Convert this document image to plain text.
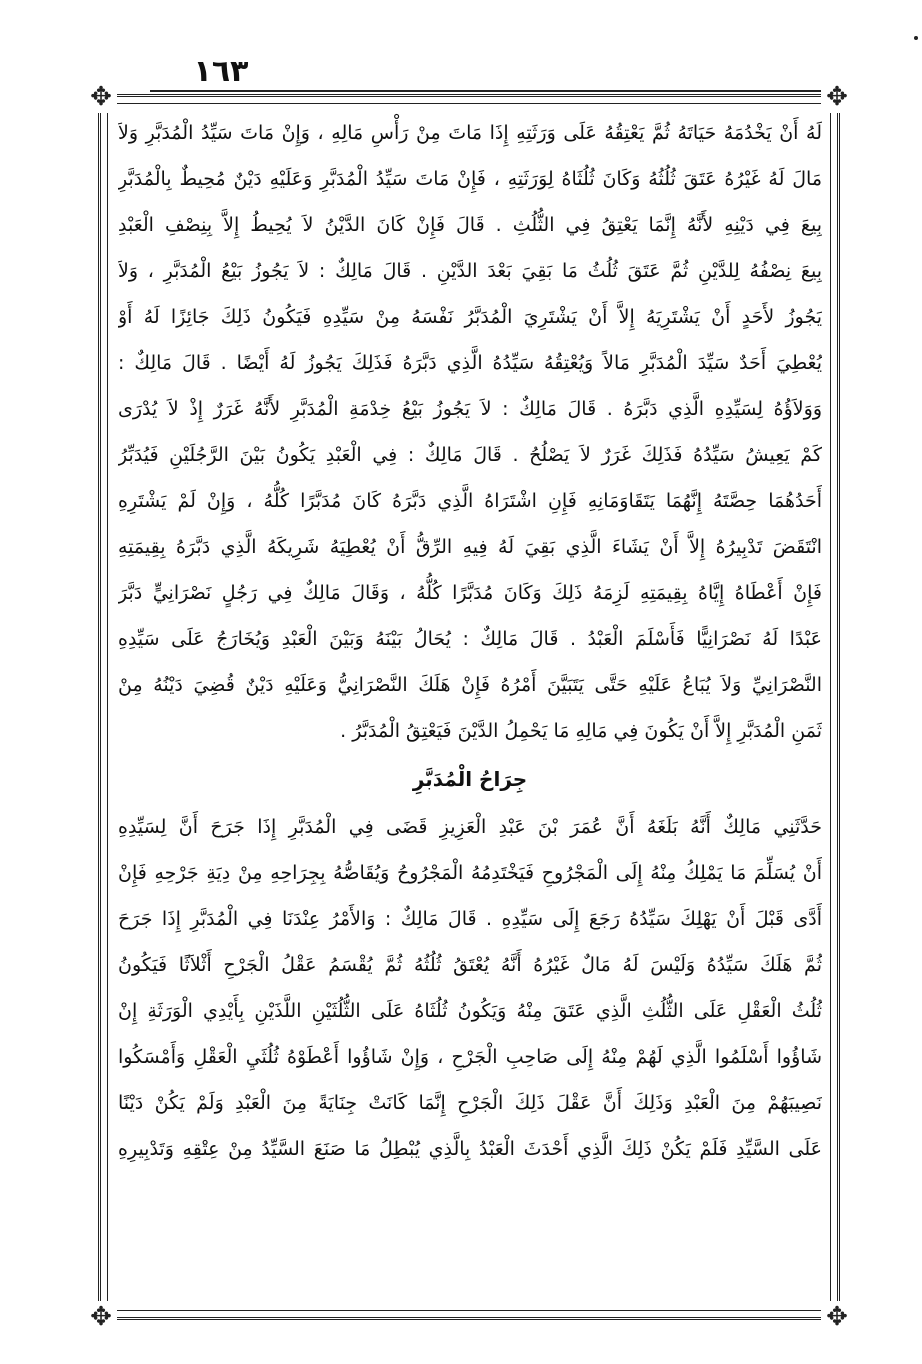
١٦٣
✥	✥
✥	✥
لَهُ أَنْ يَخْدُمَهُ حَيَاتَهُ ثُمَّ يَعْتِقُهُ عَلَى وَرَثَتِهِ إِذَا مَاتَ مِنْ رَأْسِ مَالِهِ ، وَإِنْ مَاتَ سَيِّدُ الْمُدَبَّرِ وَلاَ
مَالَ لَهُ غَيْرُهُ عَتَقَ ثُلُثُهُ وَكَانَ ثُلُثَاهُ لِوَرَثَتِهِ ، فَإِنْ مَاتَ سَيِّدُ الْمُدَبَّرِ وَعَلَيْهِ دَيْنٌ مُحِيطٌ بِالْمُدَبَّرِ
بِيعَ فِي دَيْنِهِ لأَنَّهُ إِنَّمَا يَعْتِقُ فِي الثُّلُثِ . قَالَ فَإِنْ كَانَ الدَّيْنُ لاَ يُحِيطُ إِلاَّ بِنِصْفِ الْعَبْدِ
بِيعَ نِصْفُهُ لِلدَّيْنِ ثُمَّ عَتَقَ ثُلُثُ مَا بَقِيَ بَعْدَ الدَّيْنِ . قَالَ مَالِكٌ : لاَ يَجُوزُ بَيْعُ الْمُدَبَّرِ ، وَلاَ
يَجُوزُ لأَحَدٍ أَنْ يَشْتَرِيَهُ إِلاَّ أَنْ يَشْتَرِيَ الْمُدَبَّرُ نَفْسَهُ مِنْ سَيِّدِهِ فَيَكُونُ ذَلِكَ جَائِزًا لَهُ أَوْ
يُعْطِيَ أَحَدٌ سَيِّدَ الْمُدَبَّرِ مَالاً وَيُعْتِقُهُ سَيِّدُهُ الَّذِي دَبَّرَهُ فَذَلِكَ يَجُوزُ لَهُ أَيْضًا . قَالَ مَالِكٌ :
وَوَلاَؤُهُ لِسَيِّدِهِ الَّذِي دَبَّرَهُ . قَالَ مَالِكٌ : لاَ يَجُوزُ بَيْعُ خِدْمَةِ الْمُدَبَّرِ لأَنَّهُ غَرَرٌ إِذْ لاَ يُدْرَى
كَمْ يَعِيشُ سَيِّدُهُ فَذَلِكَ غَرَرٌ لاَ يَصْلُحُ . قَالَ مَالِكٌ : فِي الْعَبْدِ يَكُونُ بَيْنَ الرَّجُلَيْنِ فَيُدَبِّرُ
أَحَدُهُمَا حِصَّتَهُ إِنَّهُمَا يَتَقَاوَمَانِهِ فَإِنِ اشْتَرَاهُ الَّذِي دَبَّرَهُ كَانَ مُدَبَّرًا كُلُّهُ ، وَإِنْ لَمْ يَشْتَرِهِ
انْتَقَضَ تَدْبِيرُهُ إِلاَّ أَنْ يَشَاءَ الَّذِي بَقِيَ لَهُ فِيهِ الرِّقُّ أَنْ يُعْطِيَهُ شَرِيكَهُ الَّذِي دَبَّرَهُ بِقِيمَتِهِ
فَإِنْ أَعْطَاهُ إِيَّاهُ بِقِيمَتِهِ لَزِمَهُ ذَلِكَ وَكَانَ مُدَبَّرًا كُلُّهُ ، وَقَالَ مَالِكٌ فِي رَجُلٍ نَصْرَانِيٍّ دَبَّرَ
عَبْدًا لَهُ نَصْرَانِيًّا فَأَسْلَمَ الْعَبْدُ . قَالَ مَالِكٌ : يُحَالُ بَيْنَهُ وَبَيْنَ الْعَبْدِ وَيُخَارَجُ عَلَى سَيِّدِهِ
النَّصْرَانِيِّ وَلاَ يُبَاعُ عَلَيْهِ حَتَّى يَتَبَيَّنَ أَمْرُهُ فَإِنْ هَلَكَ النَّصْرَانِيُّ وَعَلَيْهِ دَيْنٌ قُضِيَ دَيْنُهُ مِنْ
ثَمَنِ الْمُدَبَّرِ إِلاَّ أَنْ يَكُونَ فِي مَالِهِ مَا يَحْمِلُ الدَّيْنَ فَيَعْتِقُ الْمُدَبَّرُ .
جِرَاحُ الْمُدَبَّرِ
حَدَّثَنِي مَالِكٌ أَنَّهُ بَلَغَهُ أَنَّ عُمَرَ بْنَ عَبْدِ الْعَزِيزِ قَضَى فِي الْمُدَبَّرِ إِذَا جَرَحَ أَنَّ لِسَيِّدِهِ
أَنْ يُسَلِّمَ مَا يَمْلِكُ مِنْهُ إِلَى الْمَجْرُوحِ فَيَخْتَدِمُهُ الْمَجْرُوحُ وَيُقَاصُّهُ بِجِرَاحِهِ مِنْ دِيَةِ جَرْحِهِ فَإِنْ
أَدَّى قَبْلَ أَنْ يَهْلِكَ سَيِّدُهُ رَجَعَ إِلَى سَيِّدِهِ . قَالَ مَالِكٌ : وَالأَمْرُ عِنْدَنَا فِي الْمُدَبَّرِ إِذَا جَرَحَ
ثُمَّ هَلَكَ سَيِّدُهُ وَلَيْسَ لَهُ مَالٌ غَيْرُهُ أَنَّهُ يُعْتَقُ ثُلُثُهُ ثُمَّ يُقْسَمُ عَقْلُ الْجَرْحِ أَثْلاَثًا فَيَكُونُ
ثُلُثُ الْعَقْلِ عَلَى الثُّلُثِ الَّذِي عَتَقَ مِنْهُ وَيَكُونُ ثُلُثَاهُ عَلَى الثُّلُثَيْنِ اللَّذَيْنِ بِأَيْدِي الْوَرَثَةِ إِنْ
شَاؤُوا أَسْلَمُوا الَّذِي لَهُمْ مِنْهُ إِلَى صَاحِبِ الْجَرْحِ ، وَإِنْ شَاؤُوا أَعْطَوْهُ ثُلُثَيِ الْعَقْلِ وَأَمْسَكُوا
نَصِيبَهُمْ مِنَ الْعَبْدِ وَذَلِكَ أَنَّ عَقْلَ ذَلِكَ الْجَرْحِ إِنَّمَا كَانَتْ جِنَايَةً مِنَ الْعَبْدِ وَلَمْ يَكُنْ دَيْنًا
عَلَى السَّيِّدِ فَلَمْ يَكُنْ ذَلِكَ الَّذِي أَحْدَثَ الْعَبْدُ بِالَّذِي يُبْطِلُ مَا صَنَعَ السَّيِّدُ مِنْ عِتْقِهِ وَتَدْبِيرِهِ
